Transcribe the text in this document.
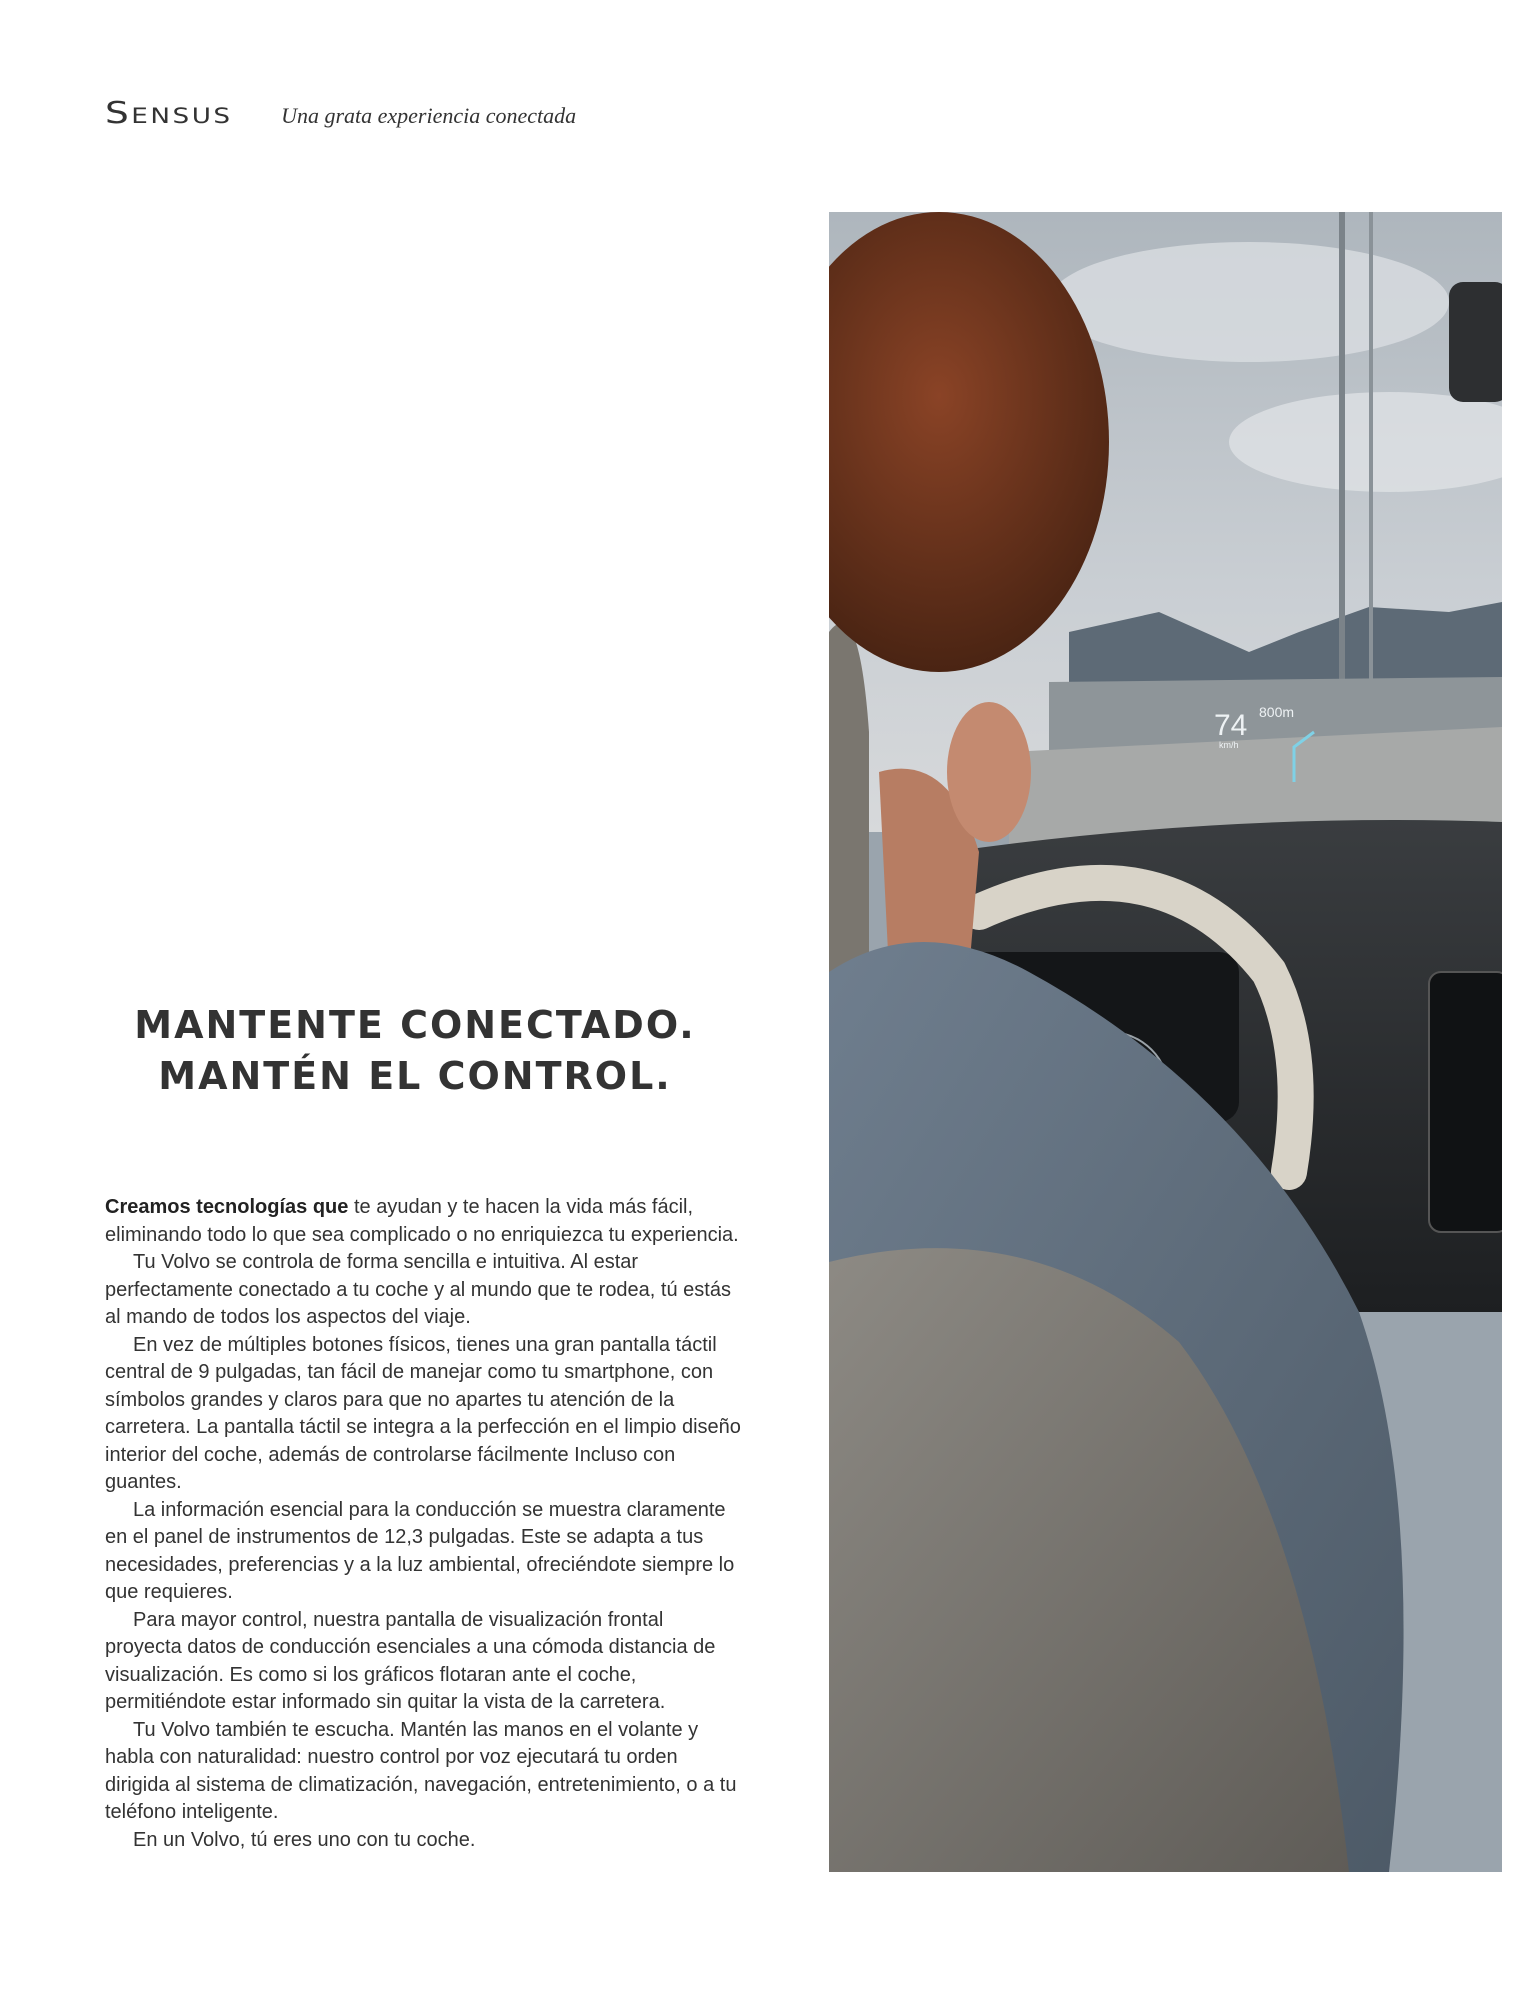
Sensus Una grata experiencia conectada
MANTENTE CONECTADO.
MANTÉN EL CONTROL.

Creamos tecnologías que te ayudan y te hacen la vida más fácil, eliminando todo lo que sea complicado o no enriquiezca tu experiencia.

Tu Volvo se controla de forma sencilla e intuitiva. Al estar perfectamente conectado a tu coche y al mundo que te rodea, tú estás al mando de todos los aspectos del viaje.

En vez de múltiples botones físicos, tienes una gran pantalla táctil central de 9 pulgadas, tan fácil de manejar como tu smartphone, con símbolos grandes y claros para que no apartes tu atención de la carretera. La pantalla táctil se integra a la perfección en el limpio diseño interior del coche, además de controlarse fácilmente Incluso con guantes.

La información esencial para la conducción se muestra claramente en el panel de instrumentos de 12,3 pulgadas. Este se adapta a tus necesidades, preferencias y a la luz ambiental, ofreciéndote siempre lo que requieres.

Para mayor control, nuestra pantalla de visualización frontal proyecta datos de conducción esenciales a una cómoda distancia de visualización. Es como si los gráficos flotaran ante el coche, permitiéndote estar informado sin quitar la vista de la carretera.

Tu Volvo también te escucha. Mantén las manos en el volante y habla con naturalidad: nuestro control por voz ejecutará tu orden dirigida al sistema de climatización, navegación, entretenimiento, o a tu teléfono inteligente.

En un Volvo, tú eres uno con tu coche.

74
km/h
800m
